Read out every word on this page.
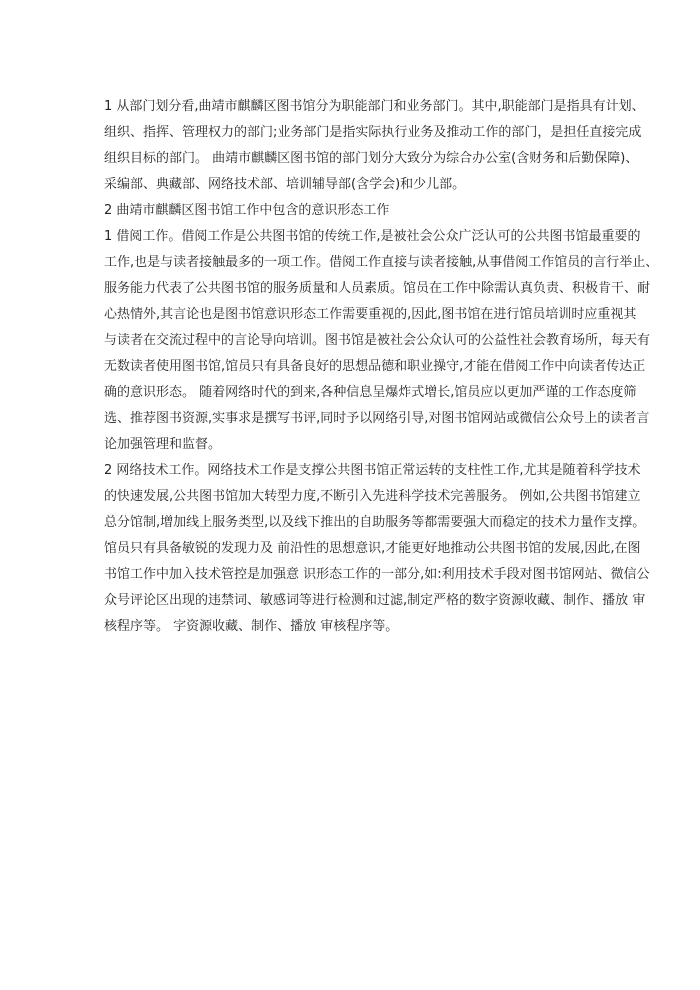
1 从部门划分看,曲靖市麒麟区图书馆分为职能部门和业务部门。其中,职能部门是指具有计划、
组织、指挥、管理权力的部门;业务部门是指实际执行业务及推动工作的部门，是担任直接完成
组织目标的部门。 曲靖市麒麟区图书馆的部门划分大致分为综合办公室(含财务和后勤保障)、
采编部、典藏部、网络技术部、培训辅导部(含学会)和少儿部。

2 曲靖市麒麟区图书馆工作中包含的意识形态工作

1 借阅工作。借阅工作是公共图书馆的传统工作,是被社会公众广泛认可的公共图书馆最重要的
工作,也是与读者接触最多的一项工作。借阅工作直接与读者接触,从事借阅工作馆员的言行举止、
服务能力代表了公共图书馆的服务质量和人员素质。馆员在工作中除需认真负责、积极肯干、耐
心热情外,其言论也是图书馆意识形态工作需要重视的,因此,图书馆在进行馆员培训时应重视其
与读者在交流过程中的言论导向培训。图书馆是被社会公众认可的公益性社会教育场所，每天有
无数读者使用图书馆,馆员只有具备良好的思想品德和职业操守,才能在借阅工作中向读者传达正
确的意识形态。 随着网络时代的到来,各种信息呈爆炸式增长,馆员应以更加严谨的工作态度筛
选、推荐图书资源,实事求是撰写书评,同时予以网络引导,对图书馆网站或微信公众号上的读者言
论加强管理和监督。

2 网络技术工作。网络技术工作是支撑公共图书馆正常运转的支柱性工作,尤其是随着科学技术
的快速发展,公共图书馆加大转型力度,不断引入先进科学技术完善服务。 例如,公共图书馆建立
总分馆制,增加线上服务类型,以及线下推出的自助服务等都需要强大而稳定的技术力量作支撑。
馆员只有具备敏锐的发现力及 前沿性的思想意识,才能更好地推动公共图书馆的发展,因此,在图
书馆工作中加入技术管控是加强意 识形态工作的一部分,如:利用技术手段对图书馆网站、微信公
众号评论区出现的违禁词、敏感词等进行检测和过滤,制定严格的数字资源收藏、制作、播放 审
核程序等。 字资源收藏、制作、播放 审核程序等。
